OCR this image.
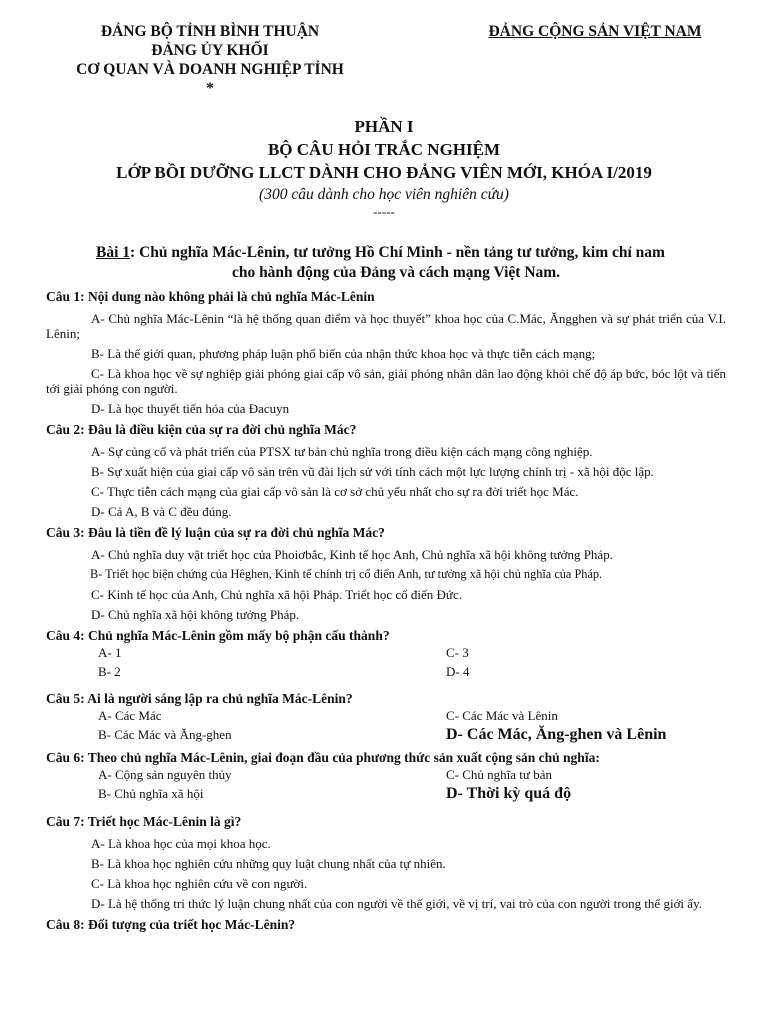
ĐẢNG BỘ TỈNH BÌNH THUẬN
ĐẢNG ỦY KHỐI
CƠ QUAN VÀ DOANH NGHIỆP TỈNH
*
ĐẢNG CỘNG SẢN VIỆT NAM
PHẦN I
BỘ CÂU HỎI TRẮC NGHIỆM
LỚP BỒI DƯỠNG LLCT DÀNH CHO ĐẢNG VIÊN MỚI, KHÓA I/2019
(300 câu dành cho học viên nghiên cứu)
-----
Bài 1: Chủ nghĩa Mác-Lênin, tư tưởng Hồ Chí Minh - nền tảng tư tưởng, kim chỉ nam
cho hành động của Đảng và cách mạng Việt Nam.

Câu 1: Nội dung nào không phải là chủ nghĩa Mác-Lênin

A- Chủ nghĩa Mác-Lênin “là hệ thống quan điểm và học thuyết” khoa học của C.Mác, Ăngghen và sự phát triển của V.I. Lênin;

B- Là thế giới quan, phương pháp luận phổ biến của nhận thức khoa học và thực tiễn cách mạng;

C- Là khoa học về sự nghiệp giải phóng giai cấp vô sản, giải phóng nhân dân lao động khỏi chế độ áp bức, bóc lột và tiến tới giải phóng con người.

D- Là học thuyết tiến hóa của Đacuyn

Câu 2: Đâu là điều kiện của sự ra đời chủ nghĩa Mác?

A- Sự củng cố và phát triển của PTSX tư bản chủ nghĩa trong điều kiện cách mạng công nghiệp.

B- Sự xuất hiện của giai cấp vô sản trên vũ đài lịch sử với tính cách một lực lượng chính trị - xã hội độc lập.

C- Thực tiễn cách mạng của giai cấp vô sản là cơ sở chủ yếu nhất cho sự ra đời triết học Mác.

D- Cả A, B và C đều đúng.

Câu 3: Đâu là tiền đề lý luận của sự ra đời chủ nghĩa Mác?

A- Chủ nghĩa duy vật triết học của Phoiơbắc, Kinh tế học Anh, Chủ nghĩa xã hội không tưởng Pháp.

B- Triết học biện chứng của Hêghen, Kinh tế chính trị cổ điển Anh, tư tưởng xã hội chủ nghĩa của Pháp.

C- Kinh tế học của Anh, Chủ nghĩa xã hội Pháp. Triết học cổ điển Đức.

D- Chủ nghĩa xã hội không tưởng Pháp.

Câu 4: Chủ nghĩa Mác-Lênin gồm mấy bộ phận cấu thành?

A- 1	C- 3
B- 2	D- 4

Câu 5: Ai là người sáng lập ra chủ nghĩa Mác-Lênin?

A- Các Mác	C- Các Mác và Lênin
B- Các Mác và Ăng-ghen	D- Các Mác, Ăng-ghen và Lênin

Câu 6: Theo chủ nghĩa Mác-Lênin, giai đoạn đầu của phương thức sản xuất cộng sản chủ nghĩa:

A- Cộng sản nguyên thủy	C- Chủ nghĩa tư bản
B- Chủ nghĩa xã hội	D- Thời kỳ quá độ

Câu 7: Triết học Mác-Lênin là gì?

A- Là khoa học của mọi khoa học.

B- Là khoa học nghiên cứu những quy luật chung nhất của tự nhiên.

C- Là khoa học nghiên cứu về con người.

D- Là hệ thống tri thức lý luận chung nhất của con người về thế giới, về vị trí, vai trò của con người trong thế giới ấy.

Câu 8: Đối tượng của triết học Mác-Lênin?
